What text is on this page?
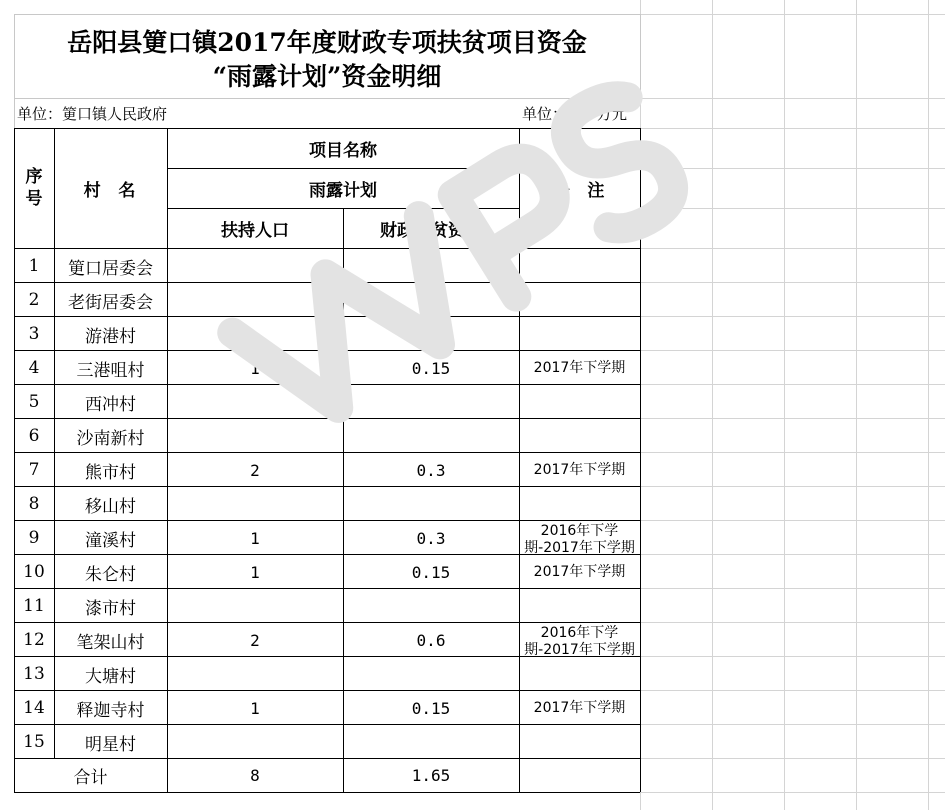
岳阳县筻口镇2017年度财政专项扶贫项目资金
“雨露计划”资金明细
单位：筻口镇人民政府	单位：人、万元
序号	村  名
项目名称
雨露计划
扶持人口	财政扶贫资金
备  注
1	筻口居委会
2	老街居委会
3	游港村
4	三港咀村	1	0.15	2017年下学期
5	西冲村
6	沙南新村
7	熊市村	2	0.3	2017年下学期
8	移山村
9	潼溪村	1	0.3	2016年下学期-2017年下学期
10	朱仑村	1	0.15	2017年下学期
11	漆市村
12	笔架山村	2	0.6	2016年下学期-2017年下学期
13	大塘村
14	释迦寺村	1	0.15	2017年下学期
15	明星村
合计	8	1.65
